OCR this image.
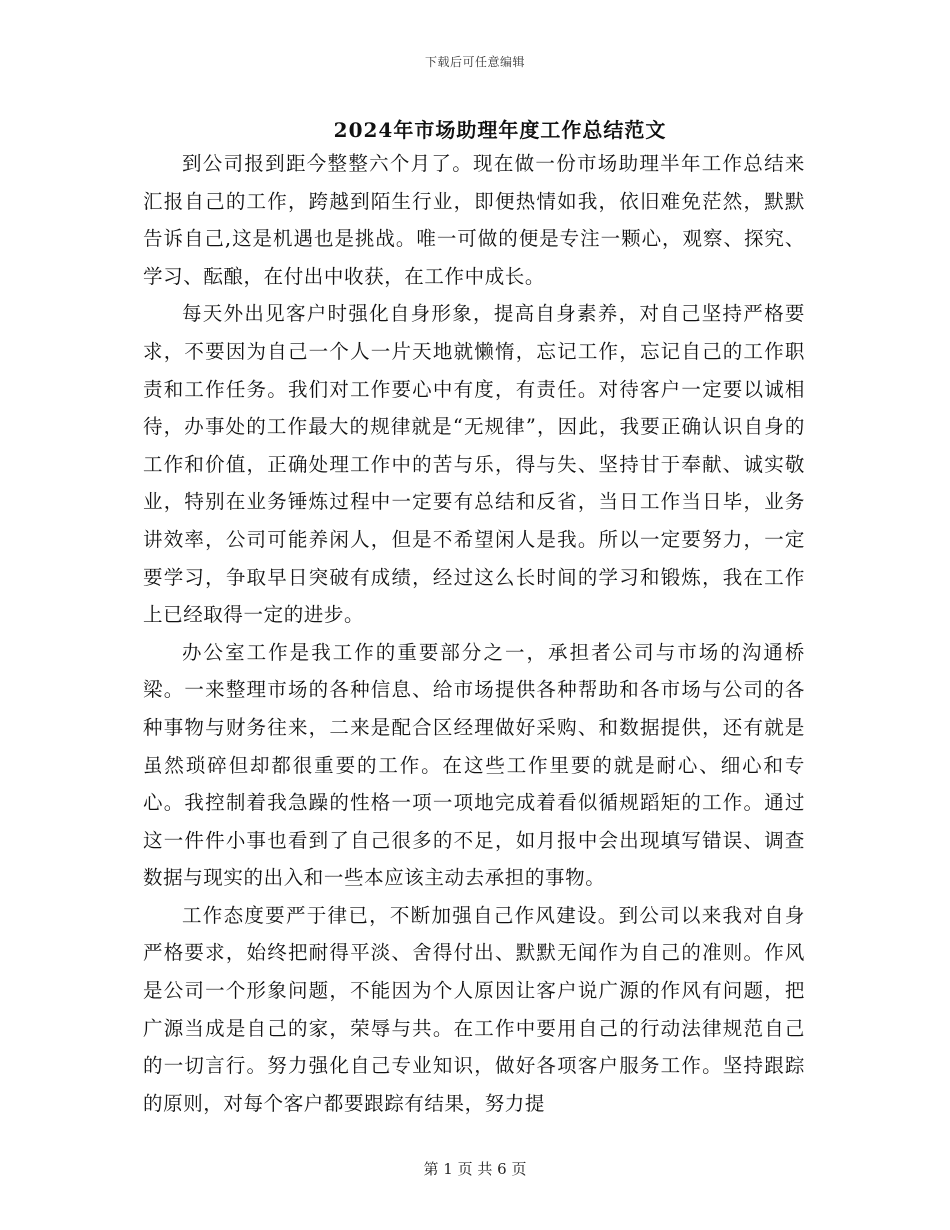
下载后可任意编辑
2024年市场助理年度工作总结范文

到公司报到距今整整六个月了。现在做一份市场助理半年工作总结来汇报自己的工作，跨越到陌生行业，即便热情如我，依旧难免茫然，默默告诉自己,这是机遇也是挑战。唯一可做的便是专注一颗心，观察、探究、学习、酝酿，在付出中收获，在工作中成长。

每天外出见客户时强化自身形象，提高自身素养，对自己坚持严格要求，不要因为自己一个人一片天地就懒惰，忘记工作，忘记自己的工作职责和工作任务。我们对工作要心中有度，有责任。对待客户一定要以诚相待，办事处的工作最大的规律就是“无规律”，因此，我要正确认识自身的工作和价值，正确处理工作中的苦与乐，得与失、坚持甘于奉献、诚实敬业，特别在业务锤炼过程中一定要有总结和反省，当日工作当日毕，业务讲效率，公司可能养闲人，但是不希望闲人是我。所以一定要努力，一定要学习，争取早日突破有成绩，经过这么长时间的学习和锻炼，我在工作上已经取得一定的进步。

办公室工作是我工作的重要部分之一，承担者公司与市场的沟通桥梁。一来整理市场的各种信息、给市场提供各种帮助和各市场与公司的各种事物与财务往来，二来是配合区经理做好采购、和数据提供，还有就是虽然琐碎但却都很重要的工作。在这些工作里要的就是耐心、细心和专心。我控制着我急躁的性格一项一项地完成着看似循规蹈矩的工作。通过这一件件小事也看到了自己很多的不足，如月报中会出现填写错误、调查数据与现实的出入和一些本应该主动去承担的事物。

工作态度要严于律已，不断加强自己作风建设。到公司以来我对自身严格要求，始终把耐得平淡、舍得付出、默默无闻作为自己的准则。作风是公司一个形象问题，不能因为个人原因让客户说广源的作风有问题，把广源当成是自己的家，荣辱与共。在工作中要用自己的行动法律规范自己的一切言行。努力强化自己专业知识，做好各项客户服务工作。坚持跟踪的原则，对每个客户都要跟踪有结果，努力提

第 1 页 共 6 页
